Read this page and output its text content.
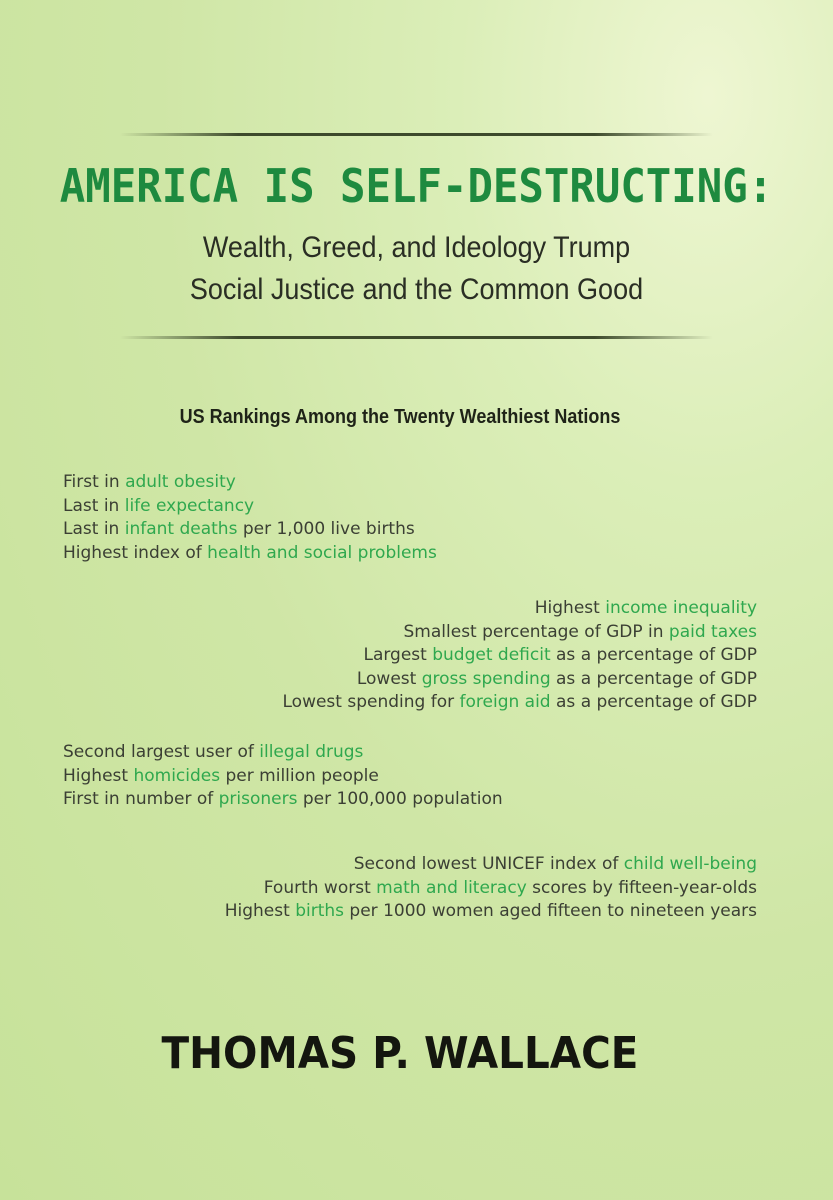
AMERICA IS SELF-DESTRUCTING:

Wealth, Greed, and Ideology Trump

Social Justice and the Common Good

US Rankings Among the Twenty Wealthiest Nations
First in adult obesity
Last in life expectancy
Last in infant deaths per 1,000 live births
Highest index of health and social problems
Highest income inequality
Smallest percentage of GDP in paid taxes
Largest budget deficit as a percentage of GDP
Lowest gross spending as a percentage of GDP
Lowest spending for foreign aid as a percentage of GDP
Second largest user of illegal drugs
Highest homicides per million people
First in number of prisoners per 100,000 population
Second lowest UNICEF index of child well-being
Fourth worst math and literacy scores by fifteen-year-olds
Highest births per 1000 women aged fifteen to nineteen years
THOMAS P. WALLACE
